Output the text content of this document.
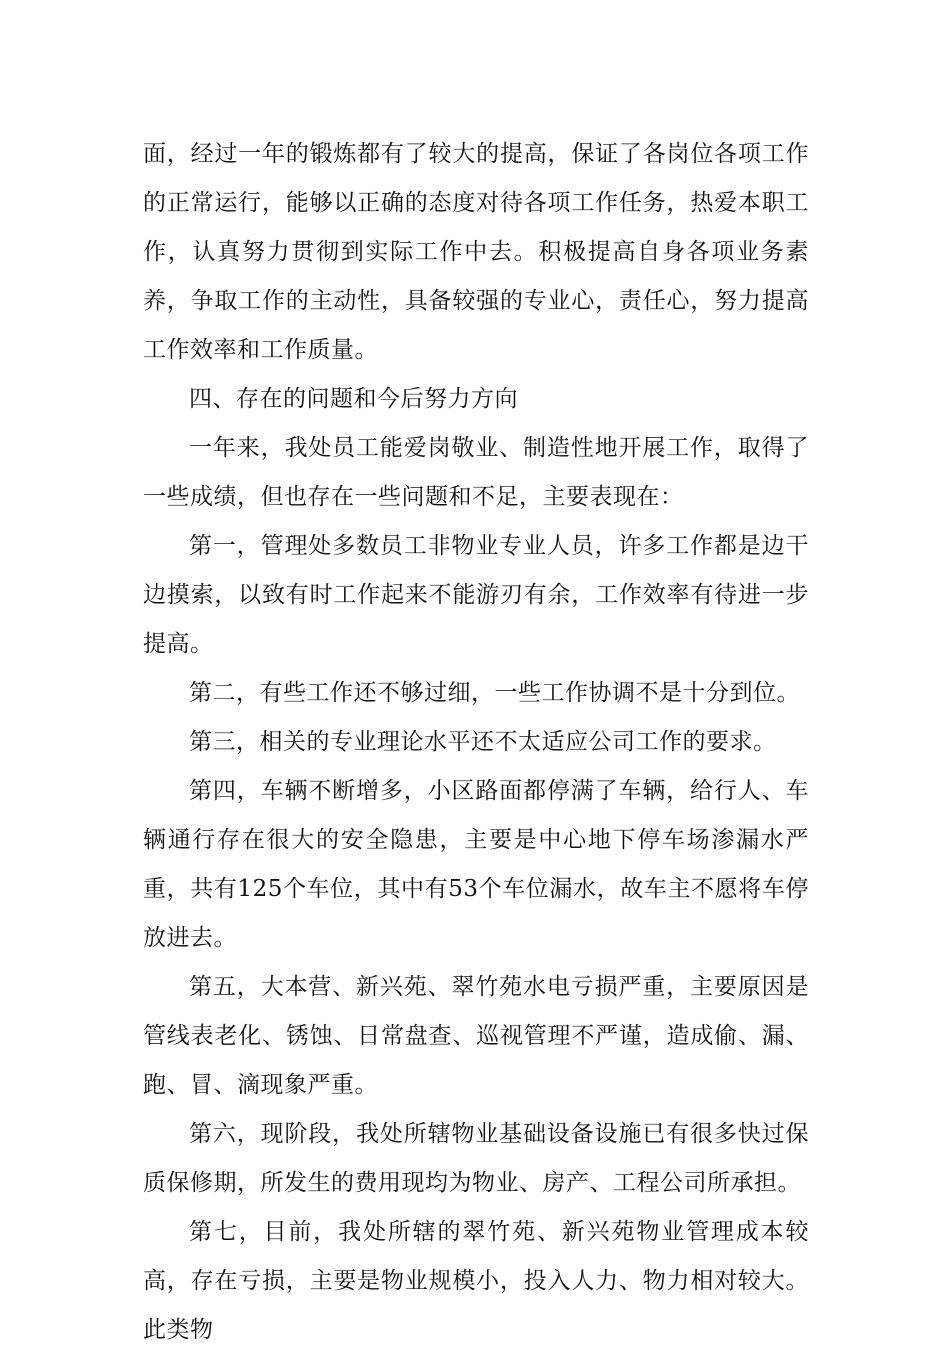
面，经过一年的锻炼都有了较大的提高，保证了各岗位各项工作的正常运行，能够以正确的态度对待各项工作任务，热爱本职工作，认真努力贯彻到实际工作中去。积极提高自身各项业务素养，争取工作的主动性，具备较强的专业心，责任心，努力提高工作效率和工作质量。

四、存在的问题和今后努力方向

一年来，我处员工能爱岗敬业、制造性地开展工作，取得了一些成绩，但也存在一些问题和不足，主要表现在：

第一，管理处多数员工非物业专业人员，许多工作都是边干边摸索，以致有时工作起来不能游刃有余，工作效率有待进一步提高。

第二，有些工作还不够过细，一些工作协调不是十分到位。

第三，相关的专业理论水平还不太适应公司工作的要求。

第四，车辆不断增多，小区路面都停满了车辆，给行人、车辆通行存在很大的安全隐患，主要是中心地下停车场渗漏水严重，共有125个车位，其中有53个车位漏水，故车主不愿将车停放进去。

第五，大本营、新兴苑、翠竹苑水电亏损严重，主要原因是管线表老化、锈蚀、日常盘查、巡视管理不严谨，造成偷、漏、跑、冒、滴现象严重。

第六，现阶段，我处所辖物业基础设备设施已有很多快过保质保修期，所发生的费用现均为物业、房产、工程公司所承担。

第七，目前，我处所辖的翠竹苑、新兴苑物业管理成本较高，存在亏损，主要是物业规模小，投入人力、物力相对较大。此类物
